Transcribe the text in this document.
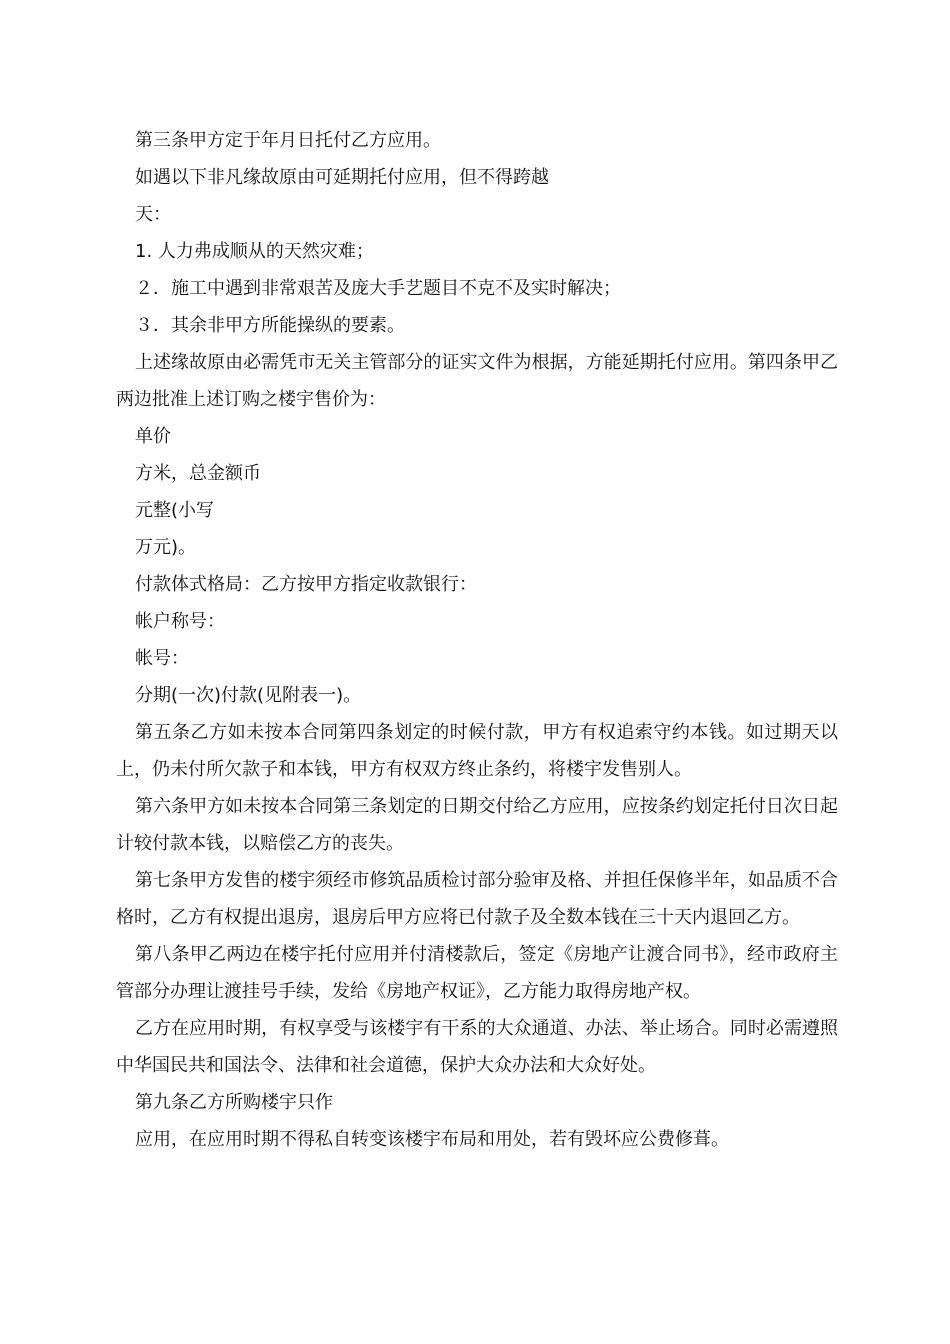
第三条甲方定于年月日托付乙方应用。

如遇以下非凡缘故原由可延期托付应用，但不得跨越

天：

1. 人力弗成顺从的天然灾难；

２．施工中遇到非常艰苦及庞大手艺题目不克不及实时解决；

３．其余非甲方所能操纵的要素。

上述缘故原由必需凭市无关主管部分的证实文件为根据，方能延期托付应用。第四条甲乙两边批准上述订购之楼宇售价为：

单价

方米，总金额币

元整(小写

万元)。

付款体式格局：乙方按甲方指定收款银行：

帐户称号：

帐号：

分期(一次)付款(见附表一)。

第五条乙方如未按本合同第四条划定的时候付款，甲方有权追索守约本钱。如过期天以上，仍未付所欠款子和本钱，甲方有权双方终止条约，将楼宇发售别人。

第六条甲方如未按本合同第三条划定的日期交付给乙方应用，应按条约划定托付日次日起计较付款本钱，以赔偿乙方的丧失。

第七条甲方发售的楼宇须经市修筑品质检讨部分验审及格、并担任保修半年，如品质不合格时，乙方有权提出退房，退房后甲方应将已付款子及全数本钱在三十天内退回乙方。

第八条甲乙两边在楼宇托付应用并付清楼款后，签定《房地产让渡合同书》，经市政府主管部分办理让渡挂号手续，发给《房地产权证》，乙方能力取得房地产权。

乙方在应用时期，有权享受与该楼宇有干系的大众通道、办法、举止场合。同时必需遵照中华国民共和国法令、法律和社会道德，保护大众办法和大众好处。

第九条乙方所购楼宇只作

应用，在应用时期不得私自转变该楼宇布局和用处，若有毁坏应公费修葺。
